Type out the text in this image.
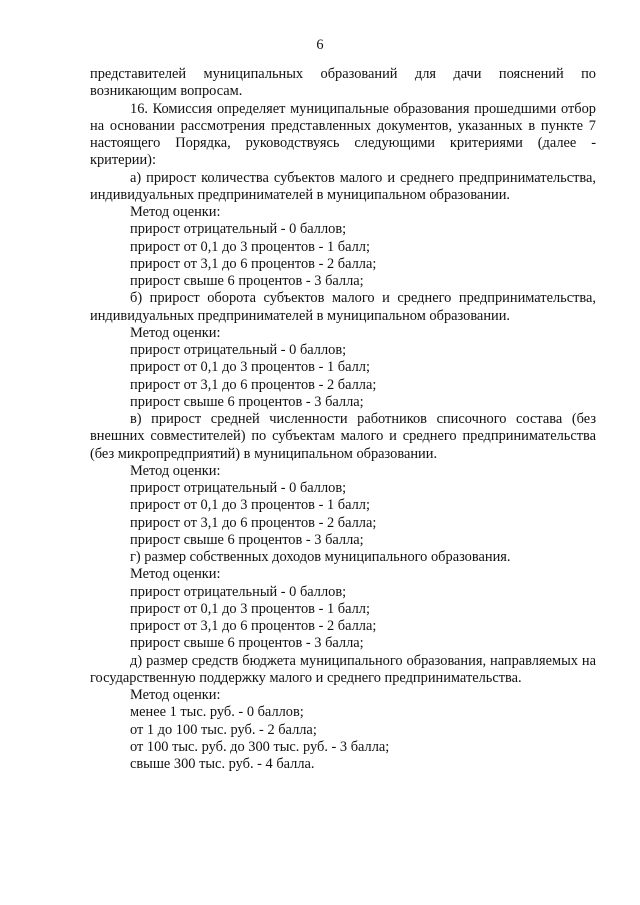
6

представителей муниципальных образований для дачи пояснений по возникающим вопросам.

16. Комиссия определяет муниципальные образования прошедшими отбор на основании рассмотрения представленных документов, указанных в пункте 7 настоящего Порядка, руководствуясь следующими критериями (далее - критерии):

а) прирост количества субъектов малого и среднего предпринимательства, индивидуальных предпринимателей в муниципальном образовании.

Метод оценки:

прирост отрицательный - 0 баллов;

прирост от 0,1 до 3 процентов - 1 балл;

прирост от 3,1 до 6 процентов - 2 балла;

прирост свыше 6 процентов - 3 балла;

б) прирост оборота субъектов малого и среднего предпринимательства, индивидуальных предпринимателей в муниципальном образовании.

Метод оценки:

прирост отрицательный - 0 баллов;

прирост от 0,1 до 3 процентов - 1 балл;

прирост от 3,1 до 6 процентов - 2 балла;

прирост свыше 6 процентов - 3 балла;

в) прирост средней численности работников списочного состава (без внешних совместителей) по субъектам малого и среднего предпринимательства (без микропредприятий) в муниципальном образовании.

Метод оценки:

прирост отрицательный - 0 баллов;

прирост от 0,1 до 3 процентов - 1 балл;

прирост от 3,1 до 6 процентов - 2 балла;

прирост свыше 6 процентов - 3 балла;

г) размер собственных доходов муниципального образования.

Метод оценки:

прирост отрицательный - 0 баллов;

прирост от 0,1 до 3 процентов - 1 балл;

прирост от 3,1 до 6 процентов - 2 балла;

прирост свыше 6 процентов - 3 балла;

д) размер средств бюджета муниципального образования, направляемых на государственную поддержку малого и среднего предпринимательства.

Метод оценки:

менее 1 тыс. руб. - 0 баллов;

от 1 до 100 тыс. руб. - 2 балла;

от 100 тыс. руб. до 300 тыс. руб. - 3 балла;

свыше 300 тыс. руб. - 4 балла.
